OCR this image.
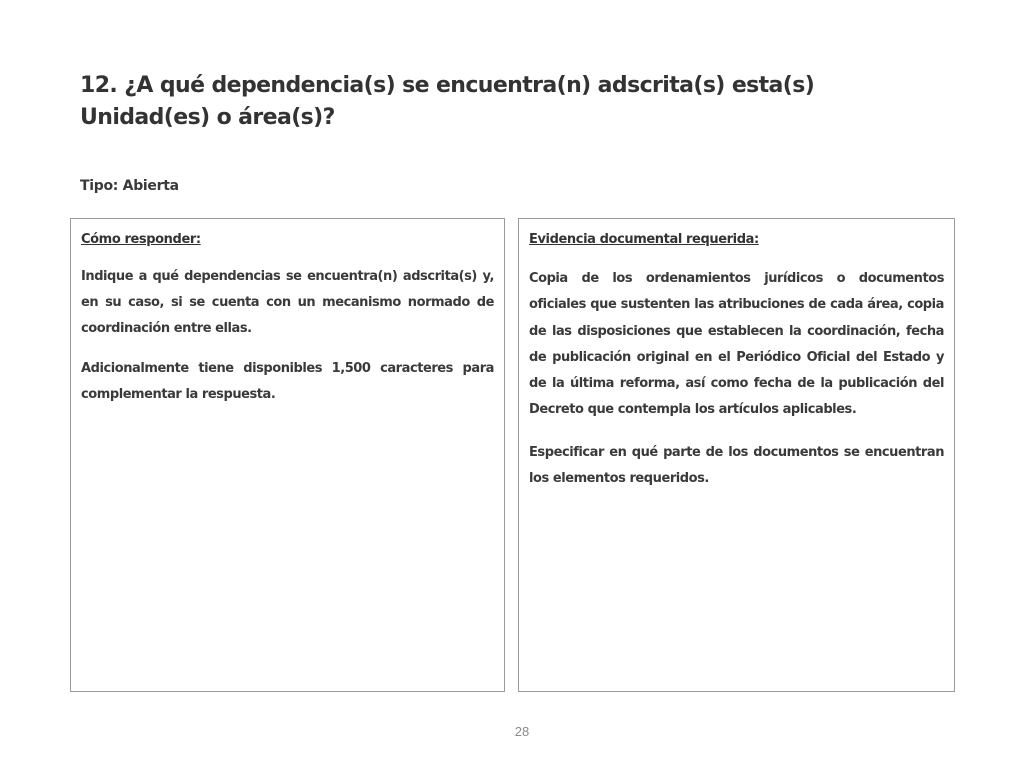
12. ¿A qué dependencia(s) se encuentra(n) adscrita(s) esta(s) Unidad(es) o área(s)?

Tipo: Abierta

Cómo responder:

Indique a qué dependencias se encuentra(n) adscrita(s) y, en su caso, si se cuenta con un mecanismo normado de coordinación entre ellas.

Adicionalmente tiene disponibles 1,500 caracteres para complementar la respuesta.

Evidencia documental requerida:

Copia de los ordenamientos jurídicos o documentos oficiales que sustenten las atribuciones de cada área, copia de las disposiciones que establecen la coordinación, fecha de publicación original en el Periódico Oficial del Estado y de la última reforma, así como fecha de la publicación del Decreto que contempla los artículos aplicables.

Especificar en qué parte de los documentos se encuentran los elementos requeridos.

28
